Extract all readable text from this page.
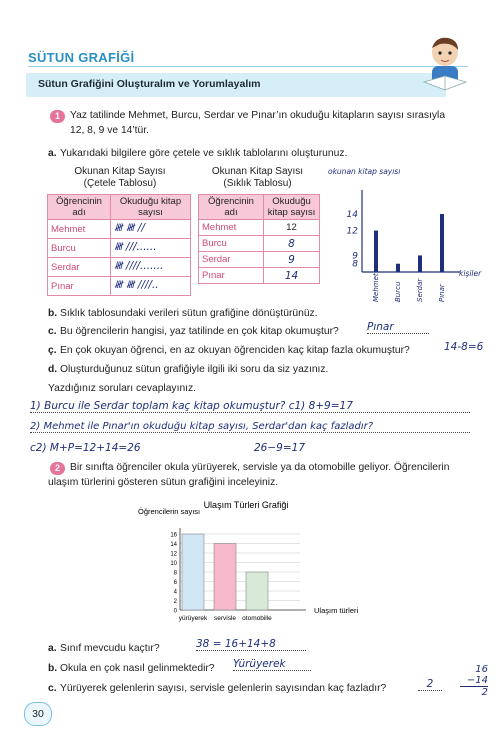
SÜTUN GRAFİĞİ
Sütun Grafiğini Oluşturalım ve Yorumlayalım
1 Yaz tatilinde Mehmet, Burcu, Serdar ve Pınar’ın okuduğu kitapların sayısı sırasıyla
12, 8, 9 ve 14’tür.
a. Yukarıdaki bilgilere göre çetele ve sıklık tablolarını oluşturunuz.
Okunan Kitap Sayısı
(Çetele Tablosu)
Öğrencinin adı	Okuduğu kitap sayısı
Mehmet	𝍸 𝍸 //
Burcu	𝍸 ///......
Serdar	𝍸 ////.......
Pınar	𝍸 𝍸 ////..
Okunan Kitap Sayısı
(Sıklık Tablosu)
Öğrencinin adı	Okuduğu kitap sayısı
Mehmet	12
Burcu	8
Serdar	9
Pınar	14
okunan kitap sayısı
kişiler
14
12
9
8
Mehmet Burcu Serdar Pınar
b. Sıklık tablosundaki verileri sütun grafiğine dönüştürünüz.
c. Bu öğrencilerin hangisi, yaz tatilinde en çok kitap okumuştur?	Pınar
ç. En çok okuyan öğrenci, en az okuyan öğrenciden kaç kitap fazla okumuştur?	14-8=6
d. Oluşturduğunuz sütun grafiğiyle ilgili iki soru da siz yazınız.
Yazdığınız soruları cevaplayınız.
1) Burcu ile Serdar toplam kaç kitap okumuştur? c1) 8+9=17
2) Mehmet ile Pınar'ın okuduğu kitap sayısı, Serdar'dan kaç fazladır?
c2) M+P=12+14=26	26−9=17
2 Bir sınıfta öğrenciler okula yürüyerek, servisle ya da otomobille geliyor. Öğrencilerin
ulaşım türlerini gösteren sütun grafiğini inceleyiniz.
Ulaşım Türleri Grafiği
Öğrencilerin sayısı
0
2
4
6
8
10
12
14
16
yürüyerek servisle otomobille
Ulaşım türleri
a. Sınıf mevcudu kaçtır?	38 = 16+14+8
b. Okula en çok nasıl gelinmektedir? Yürüyerek
c. Yürüyerek gelenlerin sayısı, servisle gelenlerin sayısından kaç fazladır?	2
16
−14
2
30
